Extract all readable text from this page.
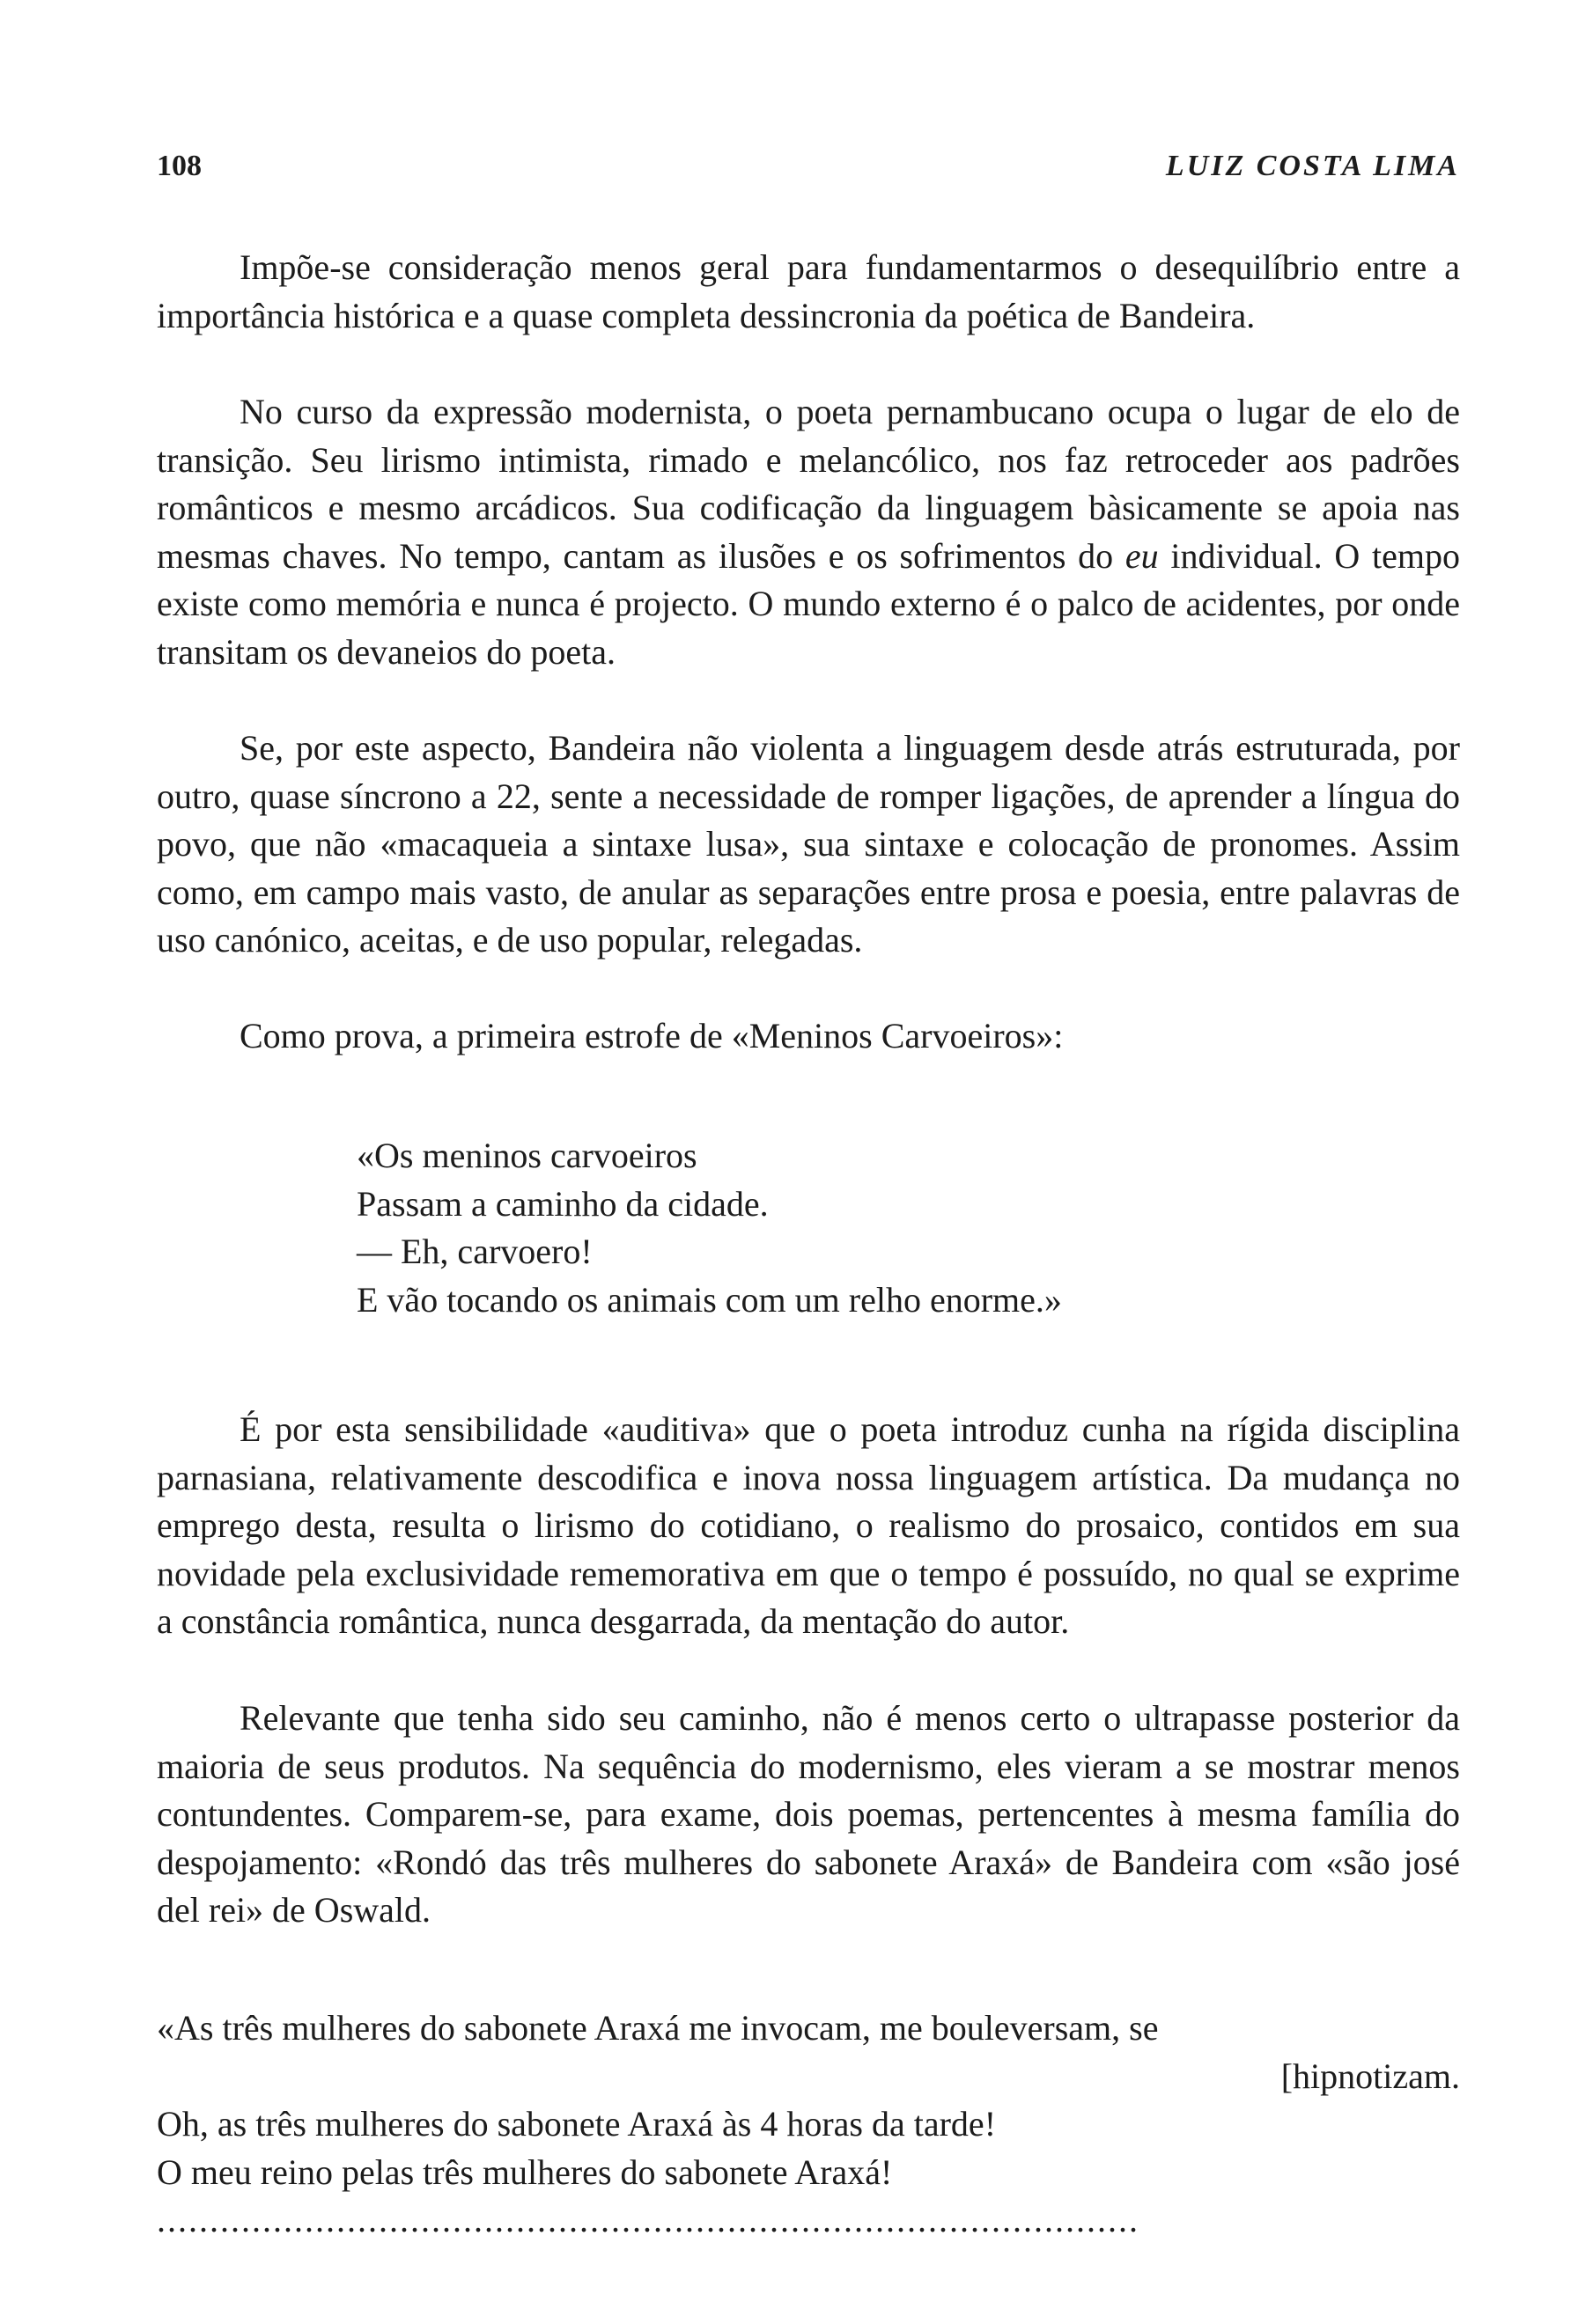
108	LUIZ COSTA LIMA

Impõe-se consideração menos geral para fundamentarmos o desequilíbrio entre a importância histórica e a quase completa dessincronia da poética de Bandeira.

No curso da expressão modernista, o poeta pernambucano ocupa o lugar de elo de transição. Seu lirismo intimista, rimado e melancólico, nos faz retroceder aos padrões românticos e mesmo arcádicos. Sua codificação da linguagem bàsicamente se apoia nas mesmas chaves. No tempo, cantam as ilusões e os sofrimentos do eu individual. O tempo existe como memória e nunca é projecto. O mundo externo é o palco de acidentes, por onde transitam os devaneios do poeta.

Se, por este aspecto, Bandeira não violenta a linguagem desde atrás estruturada, por outro, quase síncrono a 22, sente a necessidade de romper ligações, de aprender a língua do povo, que não «macaqueia a sintaxe lusa», sua sintaxe e colocação de pronomes. Assim como, em campo mais vasto, de anular as separações entre prosa e poesia, entre palavras de uso canónico, aceitas, e de uso popular, relegadas.

Como prova, a primeira estrofe de «Meninos Carvoeiros»:

«Os meninos carvoeiros
Passam a caminho da cidade.
— Eh, carvoero!
E vão tocando os animais com um relho enorme.»

É por esta sensibilidade «auditiva» que o poeta introduz cunha na rígida disciplina parnasiana, relativamente descodifica e inova nossa linguagem artística. Da mudança no emprego desta, resulta o lirismo do cotidiano, o realismo do prosaico, contidos em sua novidade pela exclusividade rememorativa em que o tempo é possuído, no qual se exprime a constância romântica, nunca desgarrada, da mentação do autor.

Relevante que tenha sido seu caminho, não é menos certo o ultrapasse posterior da maioria de seus produtos. Na sequência do modernismo, eles vieram a se mostrar menos contundentes. Comparem-se, para exame, dois poemas, pertencentes à mesma família do despojamento: «Rondó das três mulheres do sabonete Araxá» de Bandeira com «são josé del rei» de Oswald.

«As três mulheres do sabonete Araxá me invocam, me bouleversam, se
[hipnotizam.
Oh, as três mulheres do sabonete Araxá às 4 horas da tarde!
O meu reino pelas três mulheres do sabonete Araxá!
.............................................................................................
